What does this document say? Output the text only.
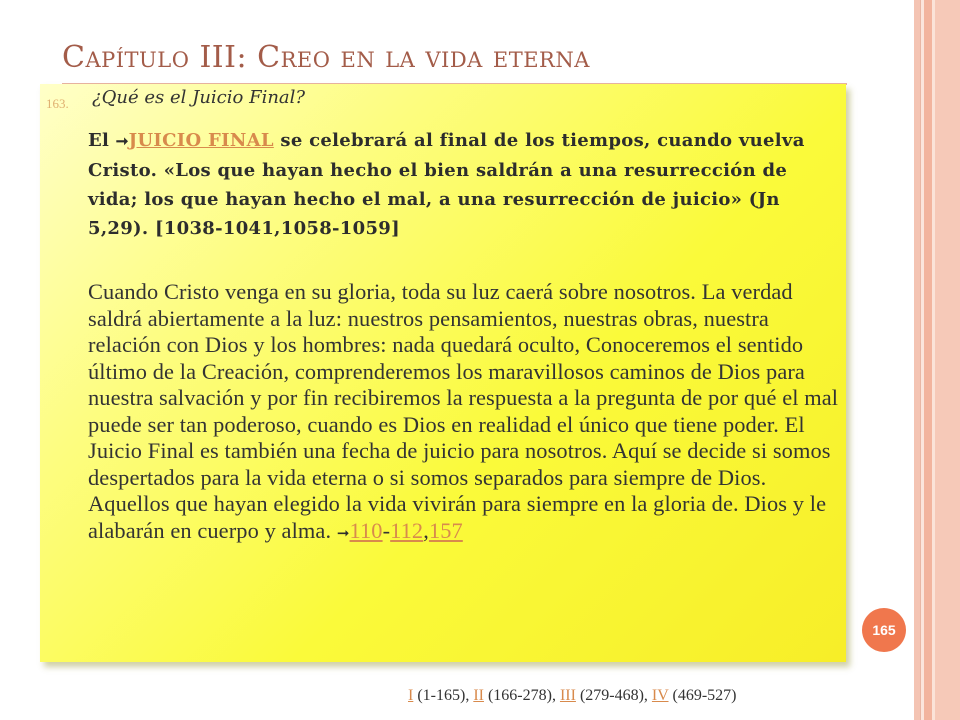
Capítulo III: Creo en la vida eterna

163. ¿Qué es el Juicio Final?

El ➞JUICIO FINAL se celebrará al final de los tiempos, cuando vuelva Cristo. «Los que hayan hecho el bien saldrán a una resurrección de vida; los que hayan hecho el mal, a una resurrección de juicio» (Jn 5,29). [1038-1041,1058-1059]

Cuando Cristo venga en su gloria, toda su luz caerá sobre nosotros. La verdad saldrá abiertamente a la luz: nuestros pensamientos, nuestras obras, nuestra relación con Dios y los hombres: nada quedará oculto, Conoceremos el sentido último de la Creación, comprenderemos los maravillosos caminos de Dios para nuestra salvación y por fin recibiremos la respuesta a la pregunta de por qué el mal puede ser tan poderoso, cuando es Dios en realidad el único que tiene poder. El Juicio Final es también una fecha de juicio para nosotros. Aquí se decide si somos despertados para la vida eterna o si somos separados para siempre de Dios. Aquellos que hayan elegido la vida vivirán para siempre en la gloria de. Dios y le alabarán en cuerpo y alma. ➞110-112,157

165

I (1-165), II (166-278), III (279-468), IV (469-527)
